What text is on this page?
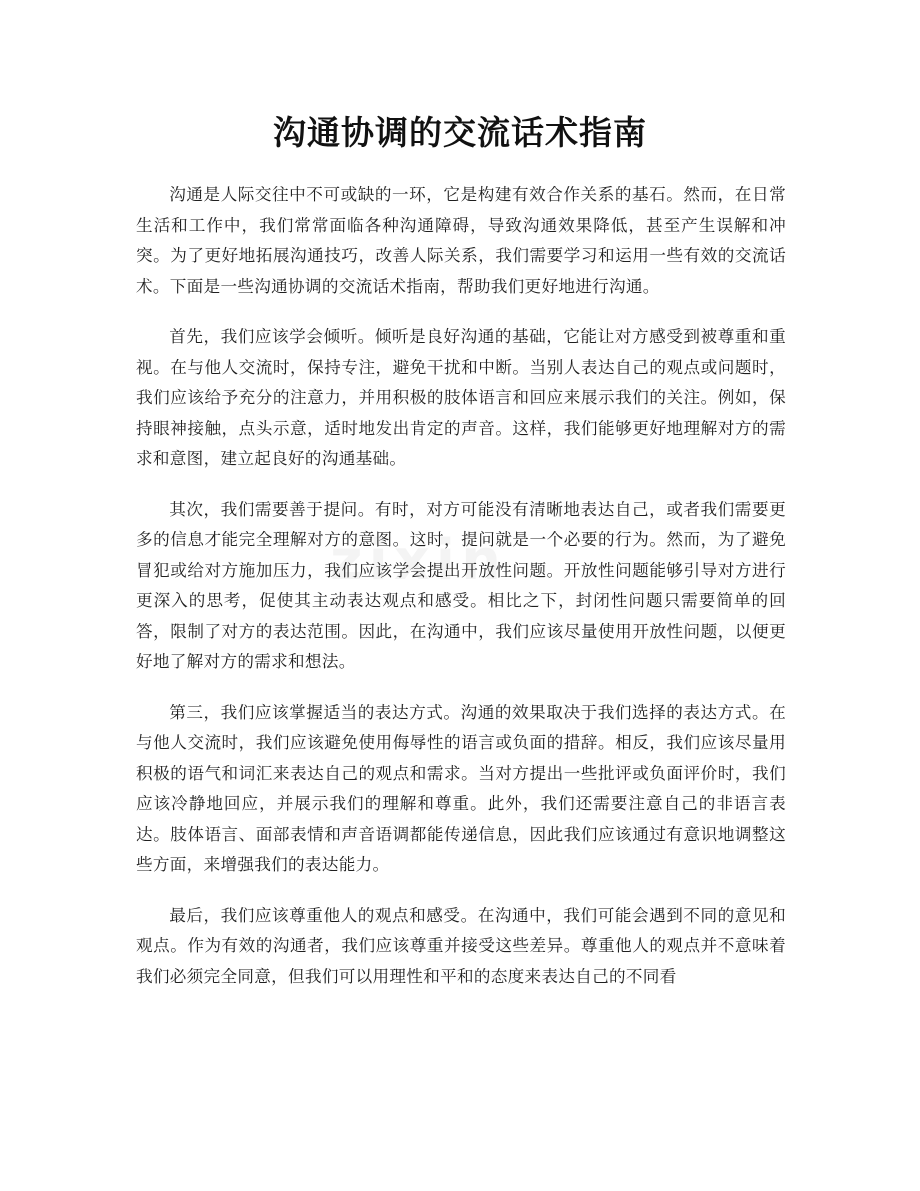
沟通协调的交流话术指南

沟通是人际交往中不可或缺的一环，它是构建有效合作关系的基石。然而，在日常生活和工作中，我们常常面临各种沟通障碍，导致沟通效果降低，甚至产生误解和冲突。为了更好地拓展沟通技巧，改善人际关系，我们需要学习和运用一些有效的交流话术。下面是一些沟通协调的交流话术指南，帮助我们更好地进行沟通。

首先，我们应该学会倾听。倾听是良好沟通的基础，它能让对方感受到被尊重和重视。在与他人交流时，保持专注，避免干扰和中断。当别人表达自己的观点或问题时，我们应该给予充分的注意力，并用积极的肢体语言和回应来展示我们的关注。例如，保持眼神接触，点头示意，适时地发出肯定的声音。这样，我们能够更好地理解对方的需求和意图，建立起良好的沟通基础。

其次，我们需要善于提问。有时，对方可能没有清晰地表达自己，或者我们需要更多的信息才能完全理解对方的意图。这时，提问就是一个必要的行为。然而，为了避免冒犯或给对方施加压力，我们应该学会提出开放性问题。开放性问题能够引导对方进行更深入的思考，促使其主动表达观点和感受。相比之下，封闭性问题只需要简单的回答，限制了对方的表达范围。因此，在沟通中，我们应该尽量使用开放性问题，以便更好地了解对方的需求和想法。

第三，我们应该掌握适当的表达方式。沟通的效果取决于我们选择的表达方式。在与他人交流时，我们应该避免使用侮辱性的语言或负面的措辞。相反，我们应该尽量用积极的语气和词汇来表达自己的观点和需求。当对方提出一些批评或负面评价时，我们应该冷静地回应，并展示我们的理解和尊重。此外，我们还需要注意自己的非语言表达。肢体语言、面部表情和声音语调都能传递信息，因此我们应该通过有意识地调整这些方面，来增强我们的表达能力。

最后，我们应该尊重他人的观点和感受。在沟通中，我们可能会遇到不同的意见和观点。作为有效的沟通者，我们应该尊重并接受这些差异。尊重他人的观点并不意味着我们必须完全同意，但我们可以用理性和平和的态度来表达自己的不同看
